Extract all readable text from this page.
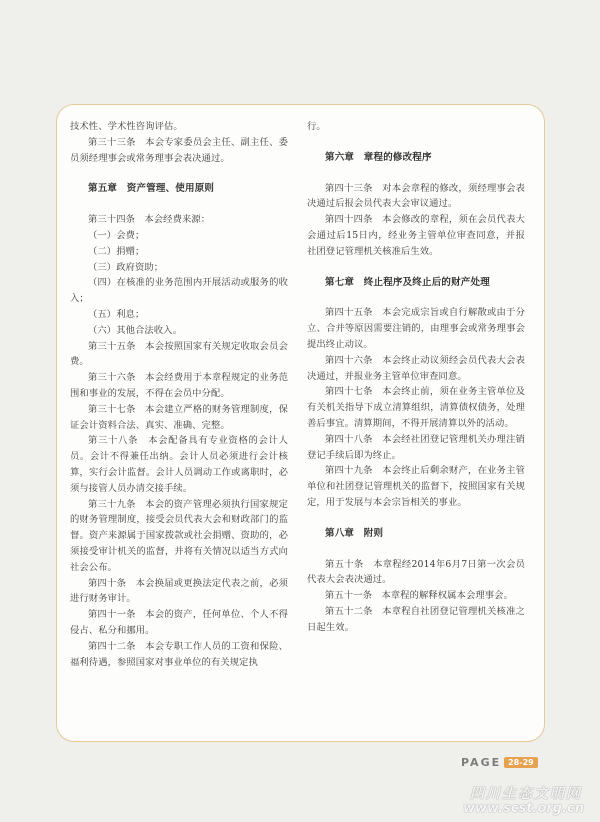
技术性、学术性咨询评估。

第三十三条　本会专家委员会主任、副主任、委员须经理事会或常务理事会表决通过。

第五章　资产管理、使用原则

第三十四条　本会经费来源：

（一）会费；

（二）捐赠；

（三）政府资助；

（四）在核准的业务范围内开展活动或服务的收入；

（五）利息；

（六）其他合法收入。

第三十五条　本会按照国家有关规定收取会员会费。

第三十六条　本会经费用于本章程规定的业务范围和事业的发展，不得在会员中分配。

第三十七条　本会建立严格的财务管理制度，保证会计资料合法、真实、准确、完整。

第三十八条　本会配备具有专业资格的会计人员。会计不得兼任出纳。会计人员必须进行会计核算，实行会计监督。会计人员调动工作或离职时，必须与接管人员办清交接手续。

第三十九条　本会的资产管理必须执行国家规定的财务管理制度，接受会员代表大会和财政部门的监督。资产来源属于国家拨款或社会捐赠、资助的，必须接受审计机关的监督，并将有关情况以适当方式向社会公布。

第四十条　本会换届或更换法定代表之前，必须进行财务审计。

第四十一条　本会的资产，任何单位、个人不得侵占、私分和挪用。

第四十二条　本会专职工作人员的工资和保险、福利待遇，参照国家对事业单位的有关规定执

行。

第六章　章程的修改程序

第四十三条　对本会章程的修改，须经理事会表决通过后报会员代表大会审议通过。

第四十四条　本会修改的章程，须在会员代表大会通过后15日内，经业务主管单位审查同意，并报社团登记管理机关核准后生效。

第七章　终止程序及终止后的财产处理

第四十五条　本会完成宗旨或自行解散或由于分立、合并等原因需要注销的，由理事会或常务理事会提出终止动议。

第四十六条　本会终止动议须经会员代表大会表决通过，并报业务主管单位审查同意。

第四十七条　本会终止前，须在业务主管单位及有关机关指导下成立清算组织，清算债权债务，处理善后事宜。清算期间，不得开展清算以外的活动。

第四十八条　本会经社团登记管理机关办理注销登记手续后即为终止。

第四十九条　本会终止后剩余财产，在业务主管单位和社团登记管理机关的监督下，按照国家有关规定，用于发展与本会宗旨相关的事业。

第八章　附则

第五十条　本章程经2014年6月7日第一次会员代表大会表决通过。

第五十一条　本章程的解释权属本会理事会。

第五十二条　本章程自社团登记管理机关核准之日起生效。

PAGE 28-29
四川生态文明网
www.scst.org.cn
